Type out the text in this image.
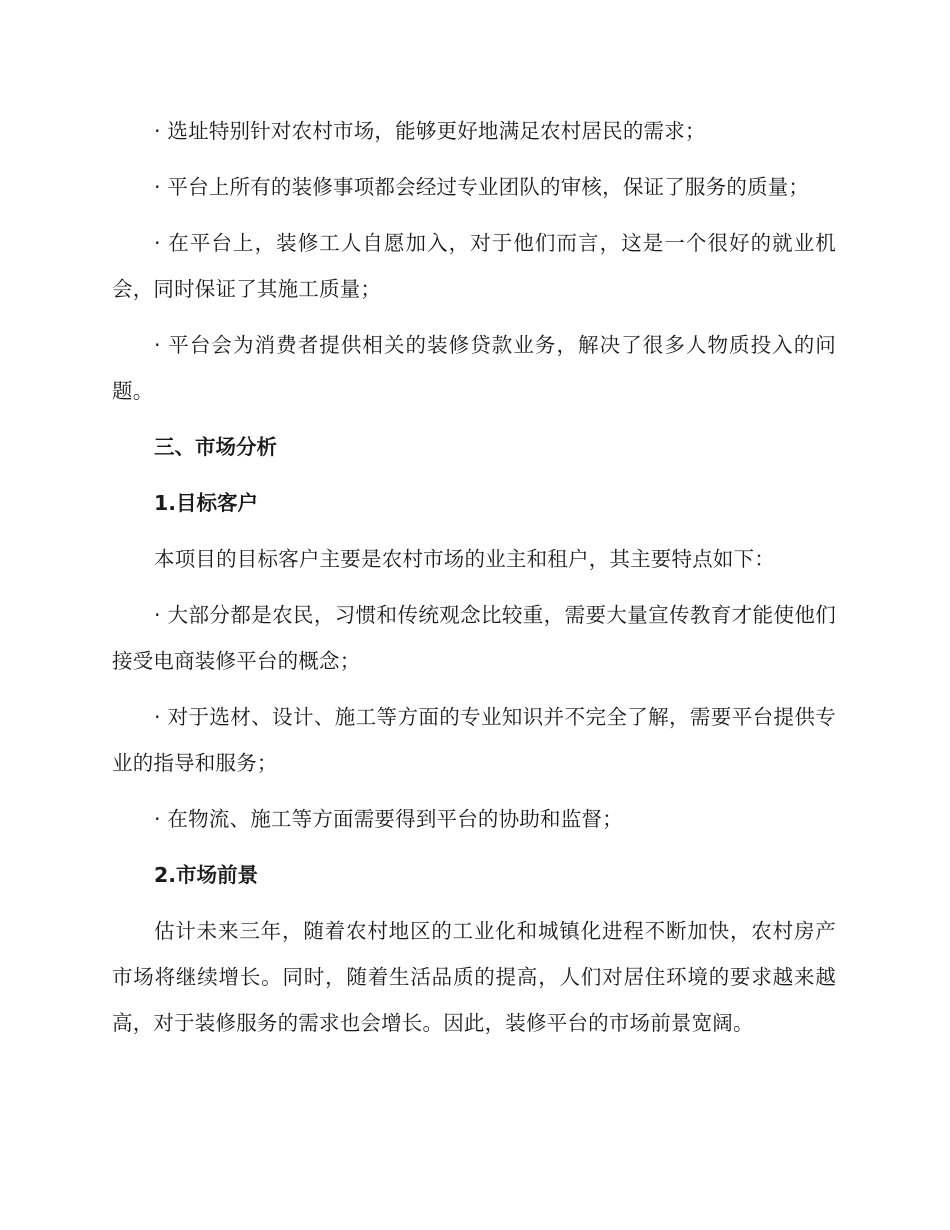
· 选址特别针对农村市场，能够更好地满足农村居民的需求；

· 平台上所有的装修事项都会经过专业团队的审核，保证了服务的质量；

· 在平台上，装修工人自愿加入，对于他们而言，这是一个很好的就业机会，同时保证了其施工质量；

· 平台会为消费者提供相关的装修贷款业务，解决了很多人物质投入的问题。

三、市场分析

1.目标客户

本项目的目标客户主要是农村市场的业主和租户，其主要特点如下：

· 大部分都是农民，习惯和传统观念比较重，需要大量宣传教育才能使他们接受电商装修平台的概念；

· 对于选材、设计、施工等方面的专业知识并不完全了解，需要平台提供专业的指导和服务；

· 在物流、施工等方面需要得到平台的协助和监督；

2.市场前景

估计未来三年，随着农村地区的工业化和城镇化进程不断加快，农村房产市场将继续增长。同时，随着生活品质的提高，人们对居住环境的要求越来越高，对于装修服务的需求也会增长。因此，装修平台的市场前景宽阔。
